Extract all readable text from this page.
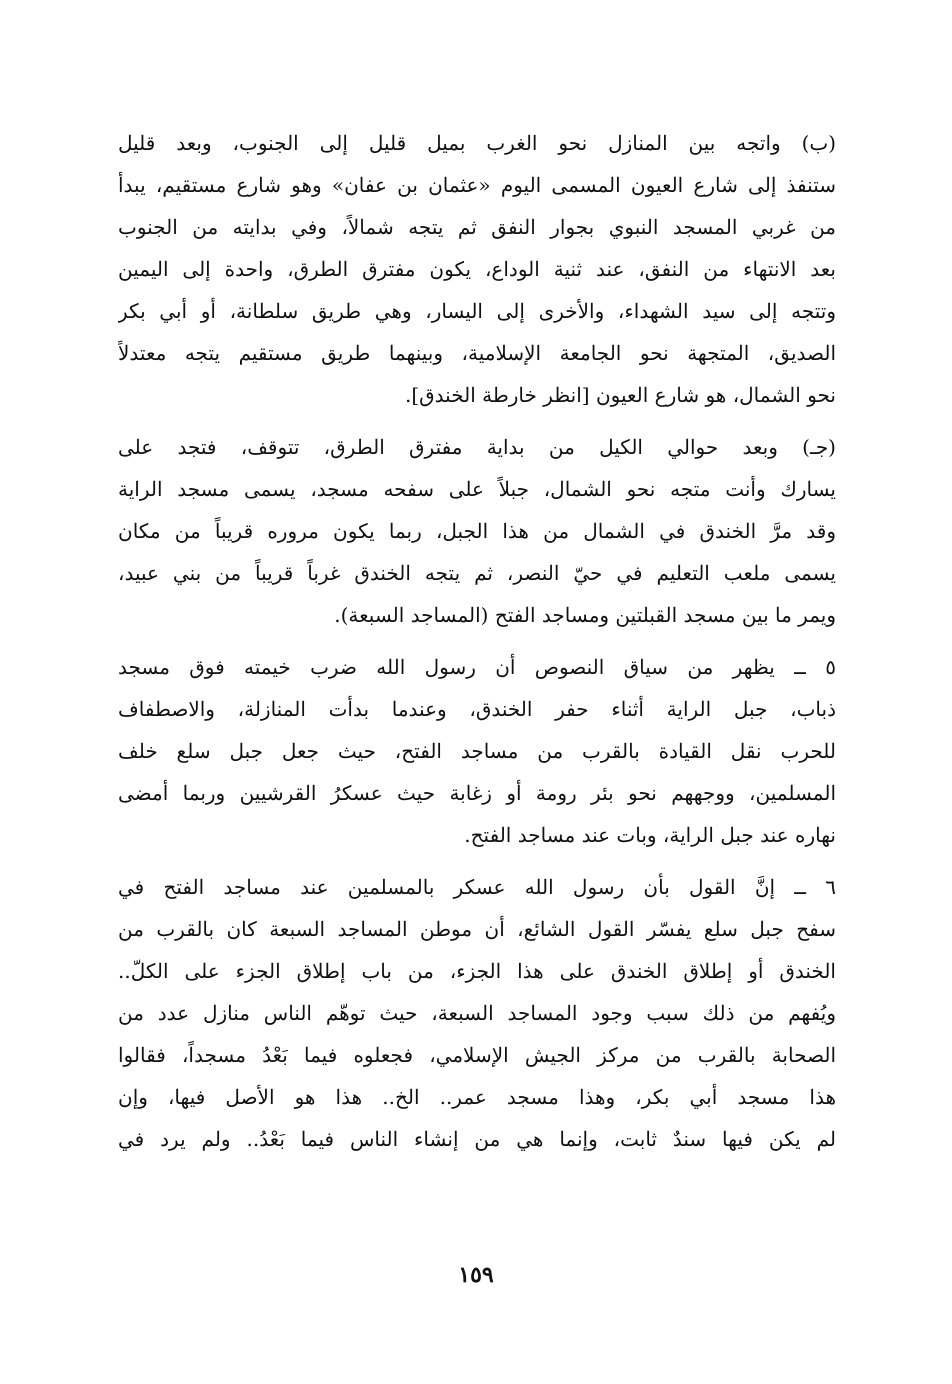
(ب) واتجه بين المنازل نحو الغرب بميل قليل إلى الجنوب، وبعد قليل
ستنفذ إلى شارع العيون المسمى اليوم «عثمان بن عفان» وهو شارع مستقيم، يبدأ
من غربي المسجد النبوي بجوار النفق ثم يتجه شمالاً، وفي بدايته من الجنوب
بعد الانتهاء من النفق، عند ثنية الوداع، يكون مفترق الطرق، واحدة إلى اليمين
وتتجه إلى سيد الشهداء، والأخرى إلى اليسار، وهي طريق سلطانة، أو أبي بكر
الصديق، المتجهة نحو الجامعة الإسلامية، وبينهما طريق مستقيم يتجه معتدلاً
نحو الشمال، هو شارع العيون [انظر خارطة الخندق].
(جـ) وبعد حوالي الكيل من بداية مفترق الطرق، تتوقف، فتجد على
يسارك وأنت متجه نحو الشمال، جبلاً على سفحه مسجد، يسمى مسجد الراية
وقد مرَّ الخندق في الشمال من هذا الجبل، ربما يكون مروره قريباً من مكان
يسمى ملعب التعليم في حيّ النصر، ثم يتجه الخندق غرباً قريباً من بني عبيد،
ويمر ما بين مسجد القبلتين ومساجد الفتح (المساجد السبعة).
٥ ــ يظهر من سياق النصوص أن رسول الله ضرب خيمته فوق مسجد
ذباب، جبل الراية أثناء حفر الخندق، وعندما بدأت المنازلة، والاصطفاف
للحرب نقل القيادة بالقرب من مساجد الفتح، حيث جعل جبل سلع خلف
المسلمين، ووجههم نحو بئر رومة أو زغابة حيث عسكرُ القرشيين وربما أمضى
نهاره عند جبل الراية، وبات عند مساجد الفتح.
٦ ــ إنَّ القول بأن رسول الله عسكر بالمسلمين عند مساجد الفتح في
سفح جبل سلع يفسّر القول الشائع، أن موطن المساجد السبعة كان بالقرب من
الخندق أو إطلاق الخندق على هذا الجزء، من باب إطلاق الجزء على الكلّ..
ويُفهم من ذلك سبب وجود المساجد السبعة، حيث توهّم الناس منازل عدد من
الصحابة بالقرب من مركز الجيش الإسلامي، فجعلوه فيما بَعْدُ مسجداً، فقالوا
هذا مسجد أبي بكر، وهذا مسجد عمر.. الخ.. هذا هو الأصل فيها، وإن
لم يكن فيها سندٌ ثابت، وإنما هي من إنشاء الناس فيما بَعْدُ.. ولم يرد في
١٥٩
